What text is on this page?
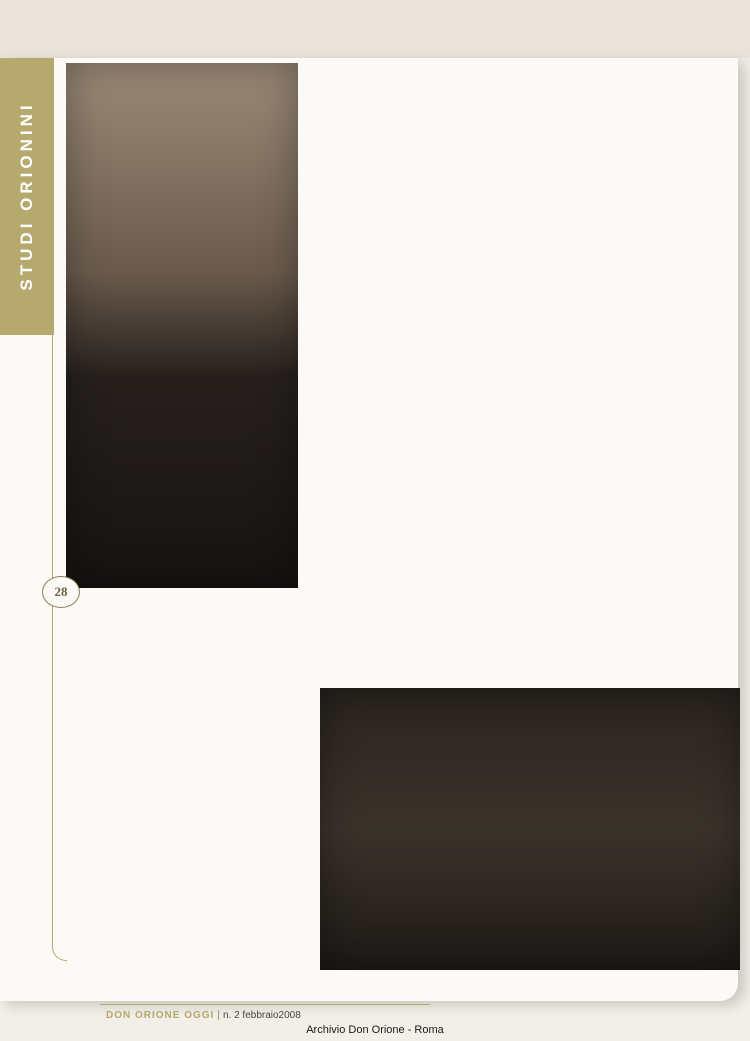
STUDI ORIONINI
28
DON ORIONE OGGI | n. 2 febbraio2008
Archivio Don Orione - Roma
